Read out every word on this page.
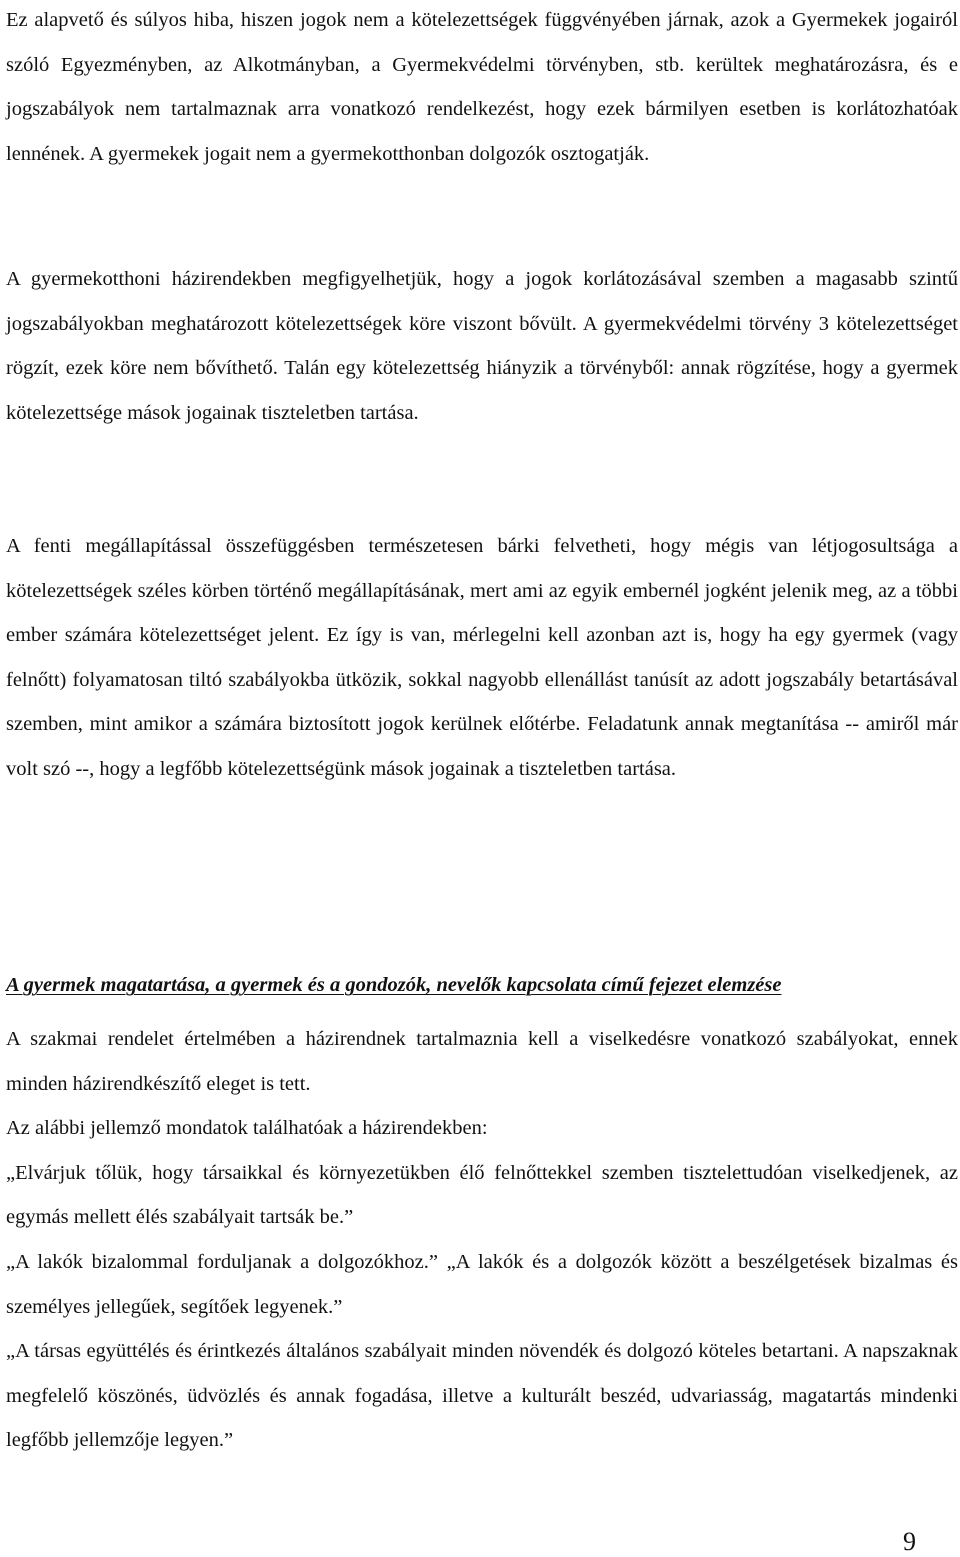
Ez alapvető és súlyos hiba, hiszen jogok nem a kötelezettségek függvényében járnak, azok a Gyermekek jogairól szóló Egyezményben, az Alkotmányban, a Gyermekvédelmi törvényben, stb. kerültek meghatározásra, és e jogszabályok nem tartalmaznak arra vonatkozó rendelkezést, hogy ezek bármilyen esetben is korlátozhatóak lennének. A gyermekek jogait nem a gyermekotthonban dolgozók osztogatják.

A gyermekotthoni házirendekben megfigyelhetjük, hogy a jogok korlátozásával szemben a magasabb szintű jogszabályokban meghatározott kötelezettségek köre viszont bővült. A gyermekvédelmi törvény 3 kötelezettséget rögzít, ezek köre nem bővíthető. Talán egy kötelezettség hiányzik a törvényből: annak rögzítése, hogy a gyermek kötelezettsége mások jogainak tiszteletben tartása.

A fenti megállapítással összefüggésben természetesen bárki felvetheti, hogy mégis van létjogosultsága a kötelezettségek széles körben történő megállapításának, mert ami az egyik embernél jogként jelenik meg, az a többi ember számára kötelezettséget jelent. Ez így is van, mérlegelni kell azonban azt is, hogy ha egy gyermek (vagy felnőtt) folyamatosan tiltó szabályokba ütközik, sokkal nagyobb ellenállást tanúsít az adott jogszabály betartásával szemben, mint amikor a számára biztosított jogok kerülnek előtérbe. Feladatunk annak megtanítása -- amiről már volt szó --, hogy a legfőbb kötelezettségünk mások jogainak a tiszteletben tartása.

A gyermek magatartása, a gyermek és a gondozók, nevelők kapcsolata című fejezet elemzése

A szakmai rendelet értelmében a házirendnek tartalmaznia kell a viselkedésre vonatkozó szabályokat, ennek minden házirendkészítő eleget is tett.

Az alábbi jellemző mondatok találhatóak a házirendekben:

„Elvárjuk tőlük, hogy társaikkal és környezetükben élő felnőttekkel szemben tisztelettudóan viselkedjenek, az egymás mellett élés szabályait tartsák be.”

„A lakók bizalommal forduljanak a dolgozókhoz.” „A lakók és a dolgozók között a beszélgetések bizalmas és személyes jellegűek, segítőek legyenek.”

„A társas együttélés és érintkezés általános szabályait minden növendék és dolgozó köteles betartani. A napszaknak megfelelő köszönés, üdvözlés és annak fogadása, illetve a kulturált beszéd, udvariasság, magatartás mindenki legfőbb jellemzője legyen.”

9
